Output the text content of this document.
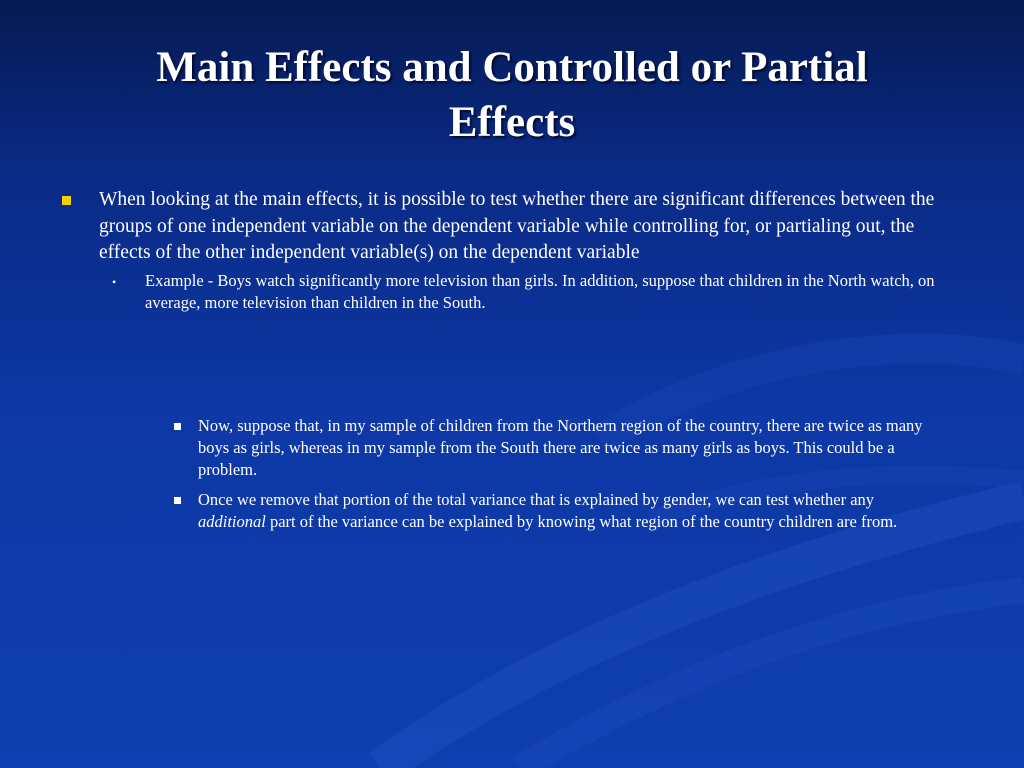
Main Effects and Controlled or Partial
Effects
When looking at the main effects, it is possible to test whether there are significant differences between the groups of one independent variable on the dependent variable while controlling for, or partialing out, the effects of the other independent variable(s) on the dependent variable
• Example - Boys watch significantly more television than girls. In addition, suppose that children in the North watch, on average, more television than children in the South.
Now, suppose that, in my sample of children from the Northern region of the country, there are twice as many boys as girls, whereas in my sample from the South there are twice as many girls as boys. This could be a problem.
Once we remove that portion of the total variance that is explained by gender, we can test whether any additional part of the variance can be explained by knowing what region of the country children are from.
